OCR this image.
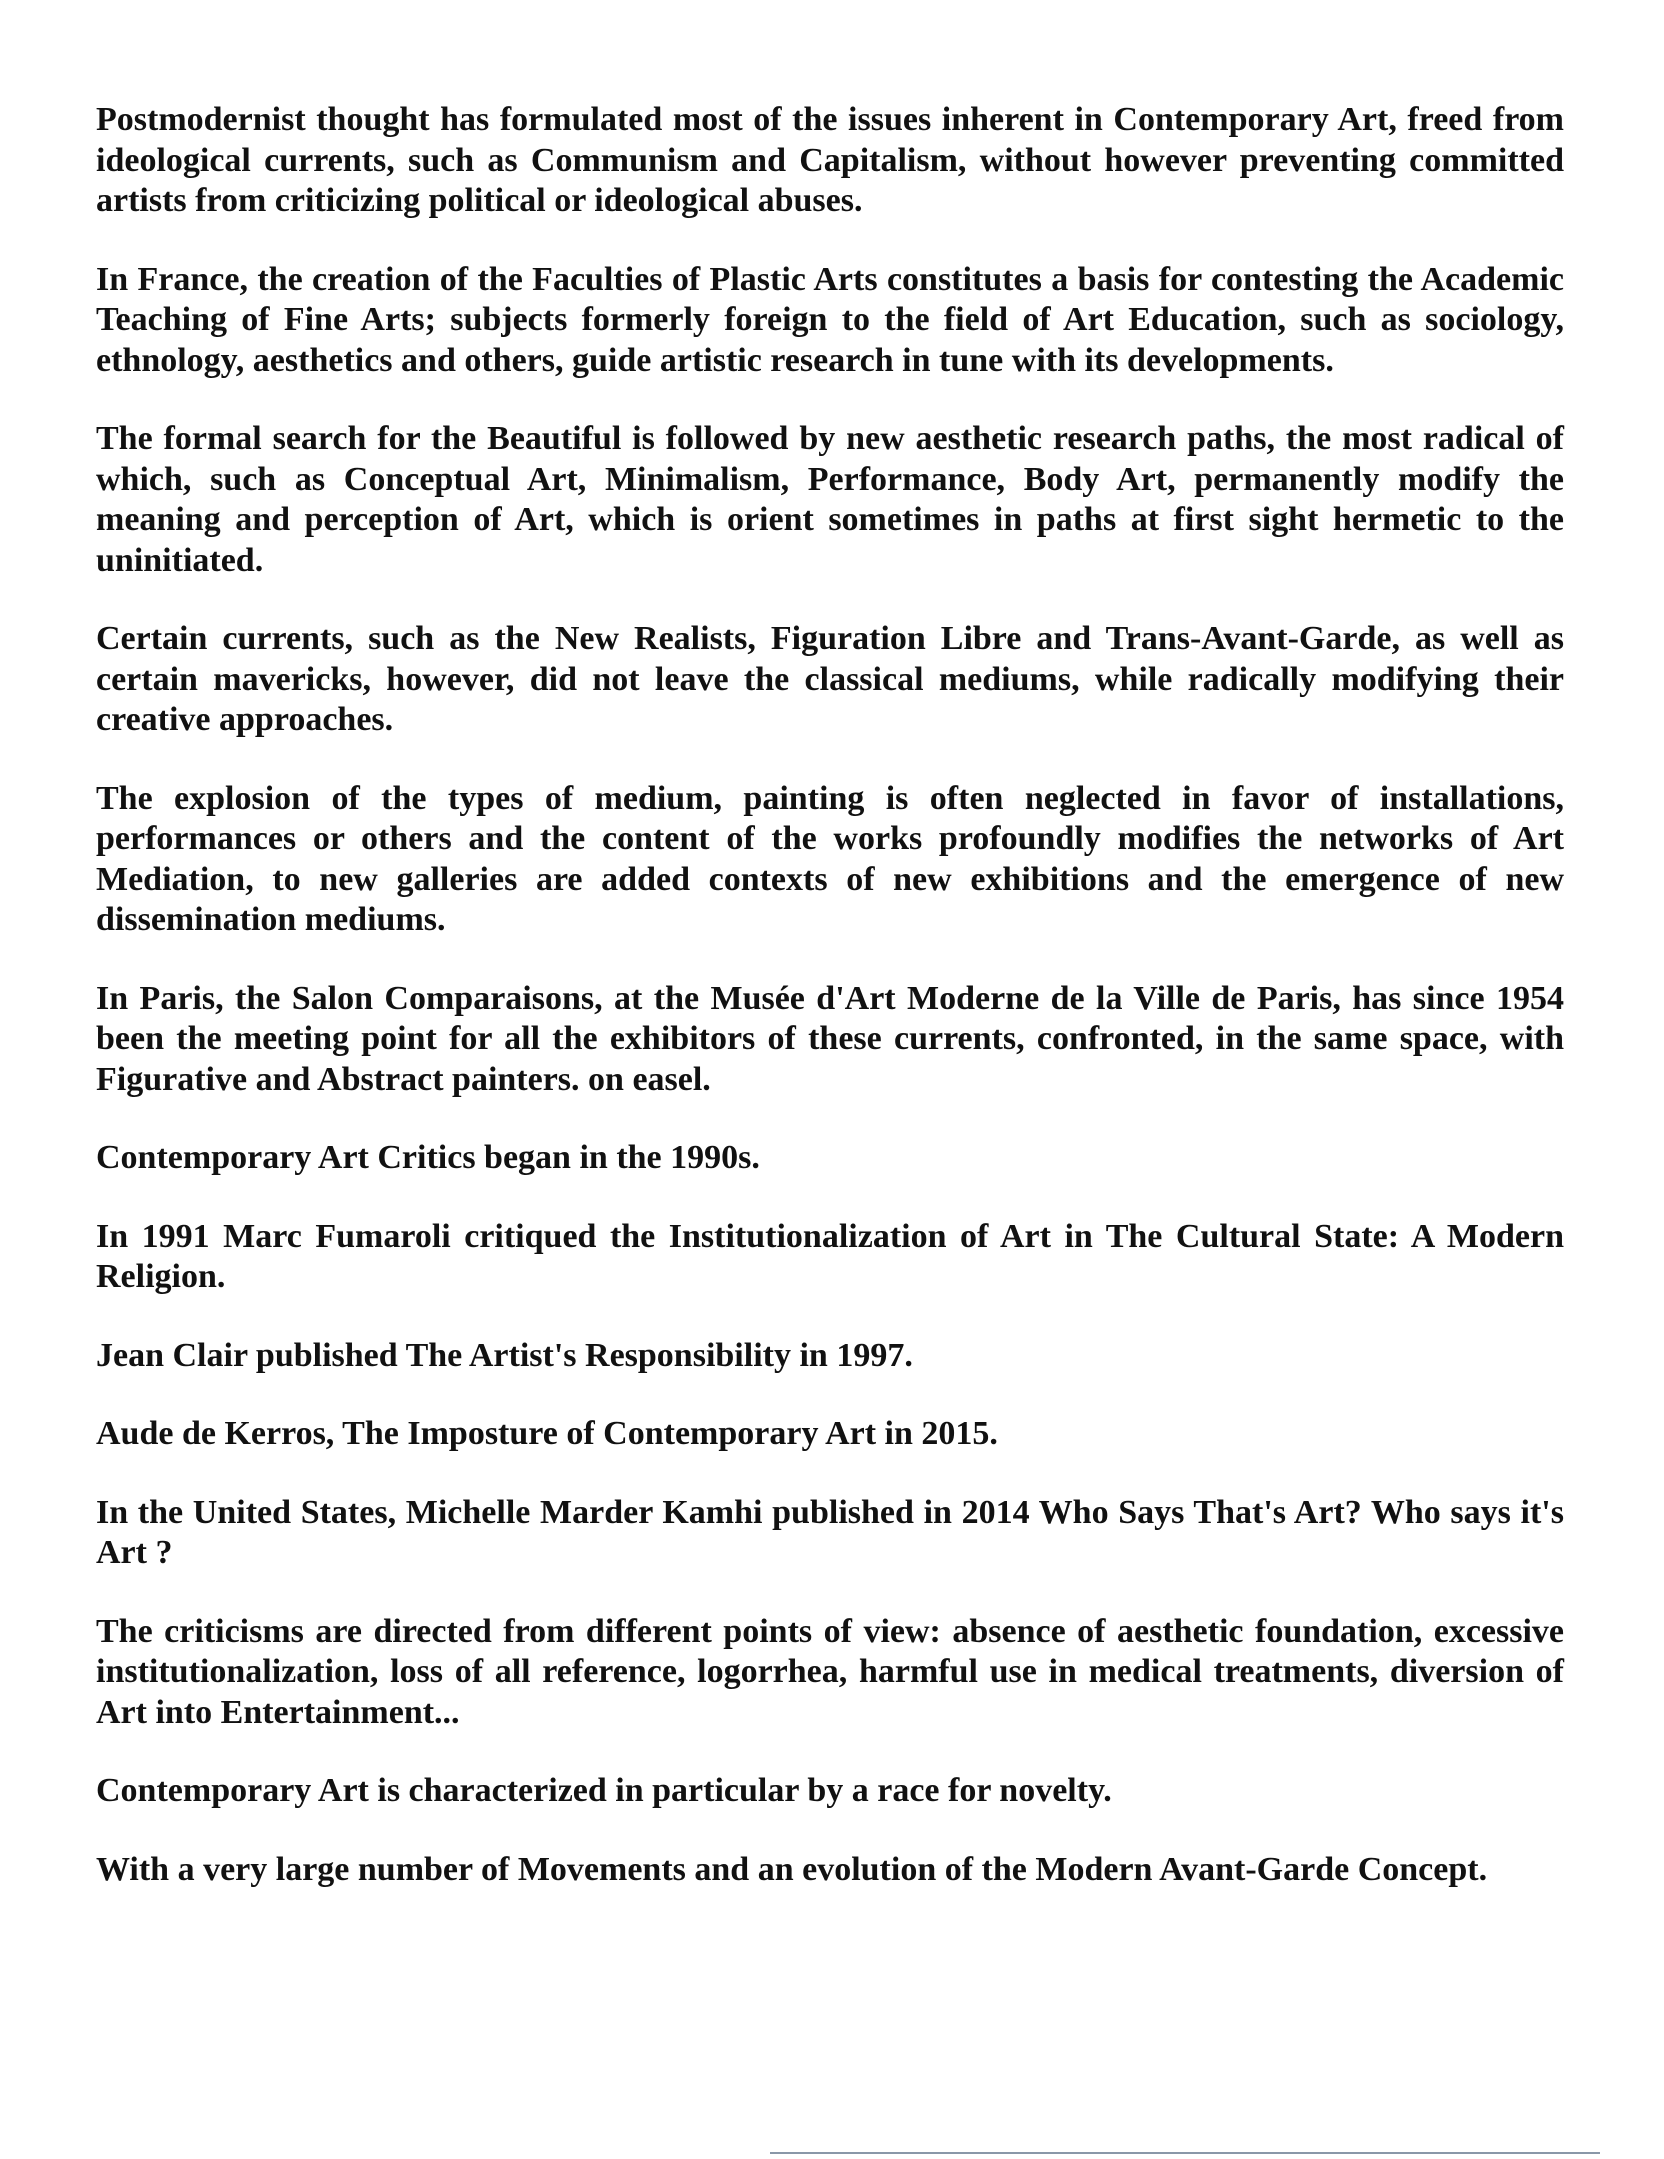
Postmodernist thought has formulated most of the issues inherent in Contemporary Art, freed from ideological currents, such as Communism and Capitalism, without however preventing committed artists from criticizing political or ideological abuses.

In France, the creation of the Faculties of Plastic Arts constitutes a basis for contesting the Academic Teaching of Fine Arts; subjects formerly foreign to the field of Art Education, such as sociology, ethnology, aesthetics and others, guide artistic research in tune with its developments.

The formal search for the Beautiful is followed by new aesthetic research paths, the most radical of which, such as Conceptual Art, Minimalism, Performance, Body Art, permanently modify the meaning and perception of Art, which is orient sometimes in paths at first sight hermetic to the uninitiated.

Certain currents, such as the New Realists, Figuration Libre and Trans-Avant-Garde, as well as certain mavericks, however, did not leave the classical mediums, while radically modifying their creative approaches.

The explosion of the types of medium, painting is often neglected in favor of installations, performances or others and the content of the works profoundly modifies the networks of Art Mediation, to new galleries are added contexts of new exhibitions and the emergence of new dissemination mediums.

In Paris, the Salon Comparaisons, at the Musée d'Art Moderne de la Ville de Paris, has since 1954 been the meeting point for all the exhibitors of these currents, confronted, in the same space, with Figurative and Abstract painters. on easel.

Contemporary Art Critics began in the 1990s.

In 1991 Marc Fumaroli critiqued the Institutionalization of Art in The Cultural State: A Modern Religion.

Jean Clair published The Artist's Responsibility in 1997.

Aude de Kerros, The Imposture of Contemporary Art in 2015.

In the United States, Michelle Marder Kamhi published in 2014 Who Says That's Art? Who says it's Art ?

The criticisms are directed from different points of view: absence of aesthetic foundation, excessive institutionalization, loss of all reference, logorrhea, harmful use in medical treatments, diversion of Art into Entertainment...

Contemporary Art is characterized in particular by a race for novelty.

With a very large number of Movements and an evolution of the Modern Avant-Garde Concept.
